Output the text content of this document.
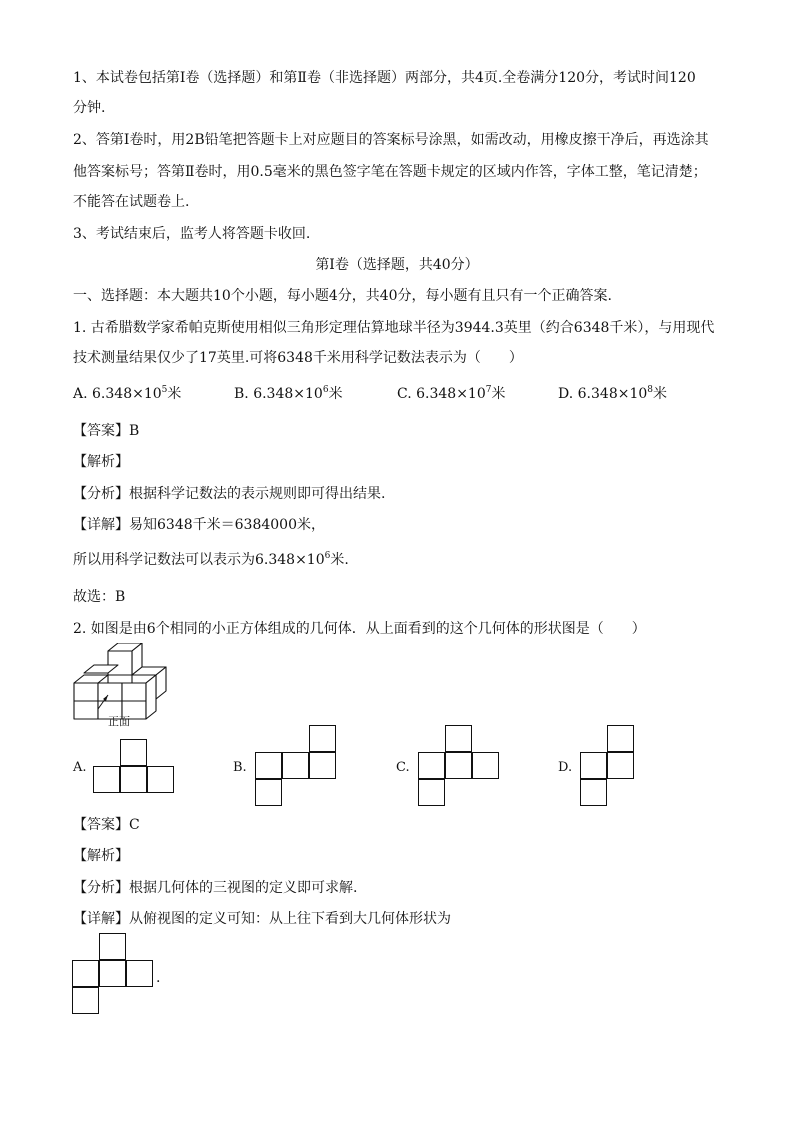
1、本试卷包括第Ⅰ卷（选择题）和第Ⅱ卷（非选择题）两部分，共4页.全卷满分120分，考试时间120
分钟.
2、答第Ⅰ卷时，用2B铅笔把答题卡上对应题目的答案标号涂黑，如需改动，用橡皮擦干净后，再选涂其
他答案标号；答第Ⅱ卷时，用0.5毫米的黑色签字笔在答题卡规定的区域内作答，字体工整，笔记清楚；
不能答在试题卷上.
3、考试结束后，监考人将答题卡收回.
第Ⅰ卷（选择题，共40分）
一、选择题：本大题共10个小题，每小题4分，共40分，每小题有且只有一个正确答案.
1. 古希腊数学家希帕克斯使用相似三角形定理估算地球半径为3944.3英里（约合6348千米），与用现代
技术测量结果仅少了17英里.可将6348千米用科学记数法表示为（　　）
A. $6.348\times 10^5$米	B. $6.348\times 10^6$米	C. $6.348\times 10^7$米	D. $6.348\times 10^8$米
【答案】B
【解析】
【分析】根据科学记数法的表示规则即可得出结果.
【详解】易知6348千米＝6384000米，
所以用科学记数法可以表示为$6.348\times 10^6$米.
故选：B
2. 如图是由6个相同的小正方体组成的几何体．从上面看到的这个几何体的形状图是（　　）
正面
A.	B.	C.	D.
【答案】C
【解析】
【分析】根据几何体的三视图的定义即可求解.
【详解】从俯视图的定义可知：从上往下看到大几何体形状为
.
